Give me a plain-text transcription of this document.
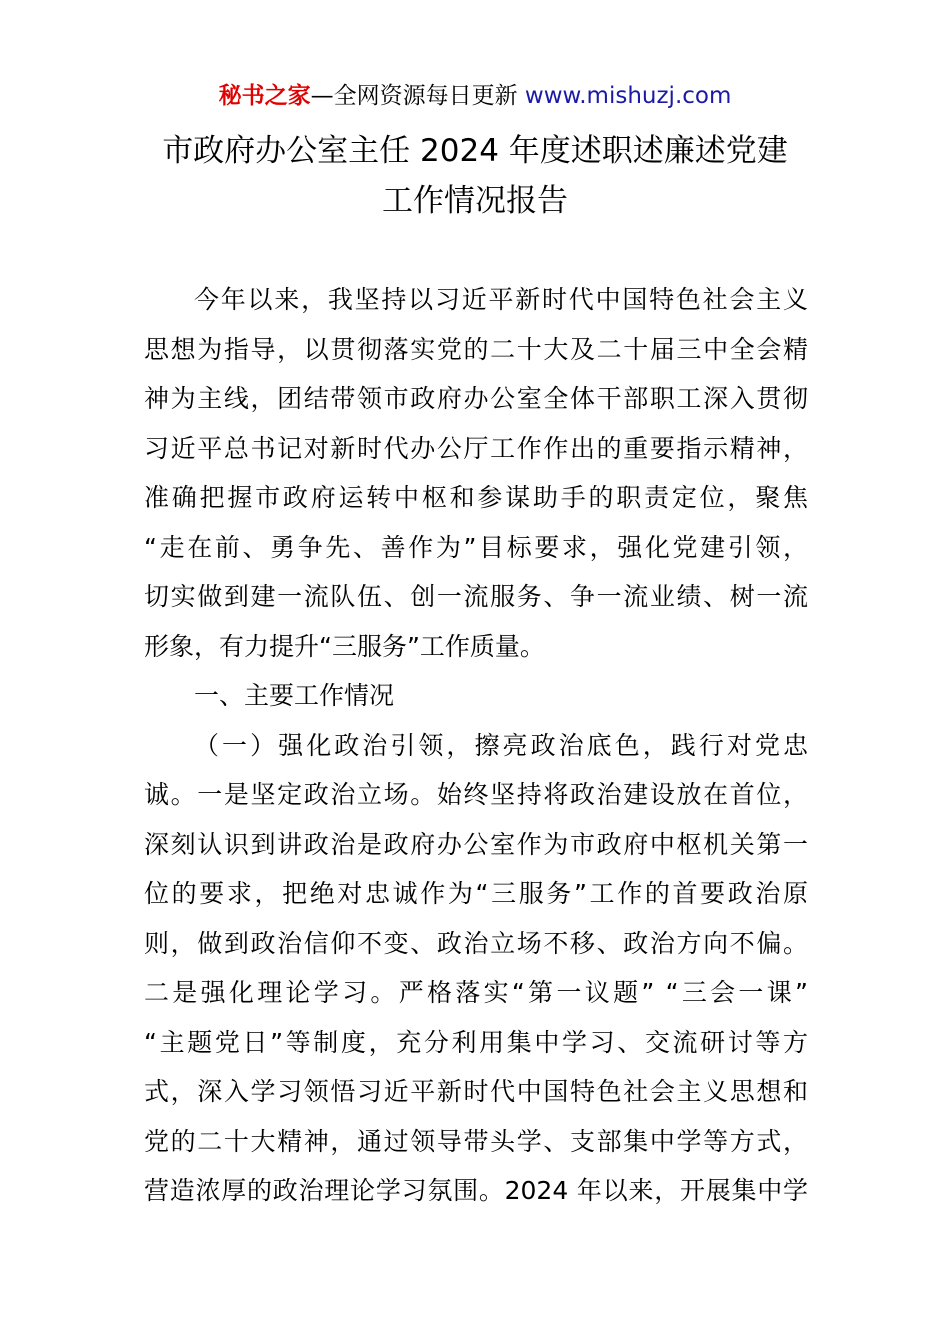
秘书之家—全网资源每日更新 www.mishuzj.com
市政府办公室主任 2024 年度述职述廉述党建
工作情况报告
今年以来，我坚持以习近平新时代中国特色社会主义
思想为指导，以贯彻落实党的二十大及二十届三中全会精
神为主线，团结带领市政府办公室全体干部职工深入贯彻
习近平总书记对新时代办公厅工作作出的重要指示精神，
准确把握市政府运转中枢和参谋助手的职责定位，聚焦
“走在前、勇争先、善作为”目标要求，强化党建引领，
切实做到建一流队伍、创一流服务、争一流业绩、树一流
形象，有力提升“三服务”工作质量。
一、主要工作情况
（一）强化政治引领，擦亮政治底色，践行对党忠
诚。一是坚定政治立场。始终坚持将政治建设放在首位，
深刻认识到讲政治是政府办公室作为市政府中枢机关第一
位的要求，把绝对忠诚作为“三服务”工作的首要政治原
则，做到政治信仰不变、政治立场不移、政治方向不偏。
二是强化理论学习。严格落实“第一议题” “三会一课”
“主题党日”等制度，充分利用集中学习、交流研讨等方
式，深入学习领悟习近平新时代中国特色社会主义思想和
党的二十大精神，通过领导带头学、支部集中学等方式，
营造浓厚的政治理论学习氛围。2024 年以来，开展集中学
